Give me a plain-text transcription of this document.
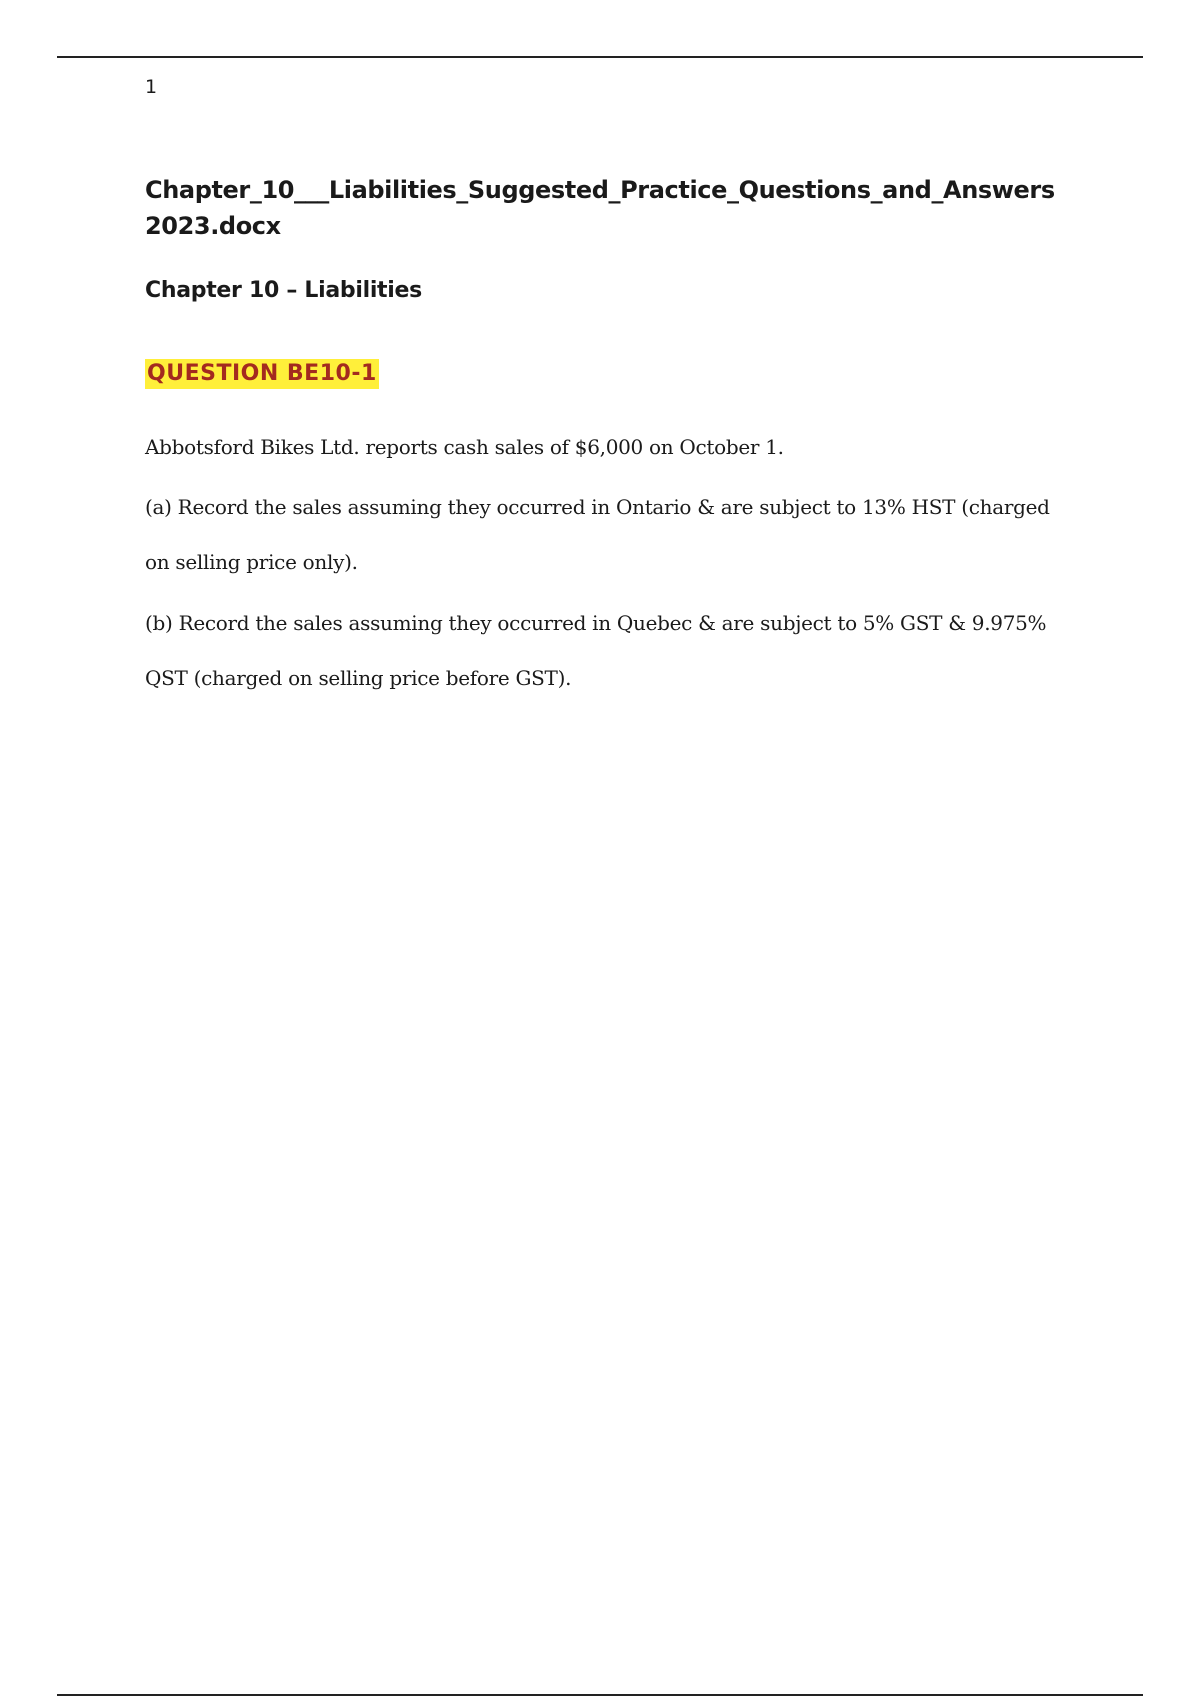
1

Chapter_10___Liabilities_Suggested_Practice_Questions_and_Answers 2023.docx
Chapter 10 – Liabilities
QUESTION BE10-1

Abbotsford Bikes Ltd. reports cash sales of $6,000 on October 1.

(a) Record the sales assuming they occurred in Ontario & are subject to 13% HST (charged on selling price only).

(b) Record the sales assuming they occurred in Quebec & are subject to 5% GST & 9.975% QST (charged on selling price before GST).
